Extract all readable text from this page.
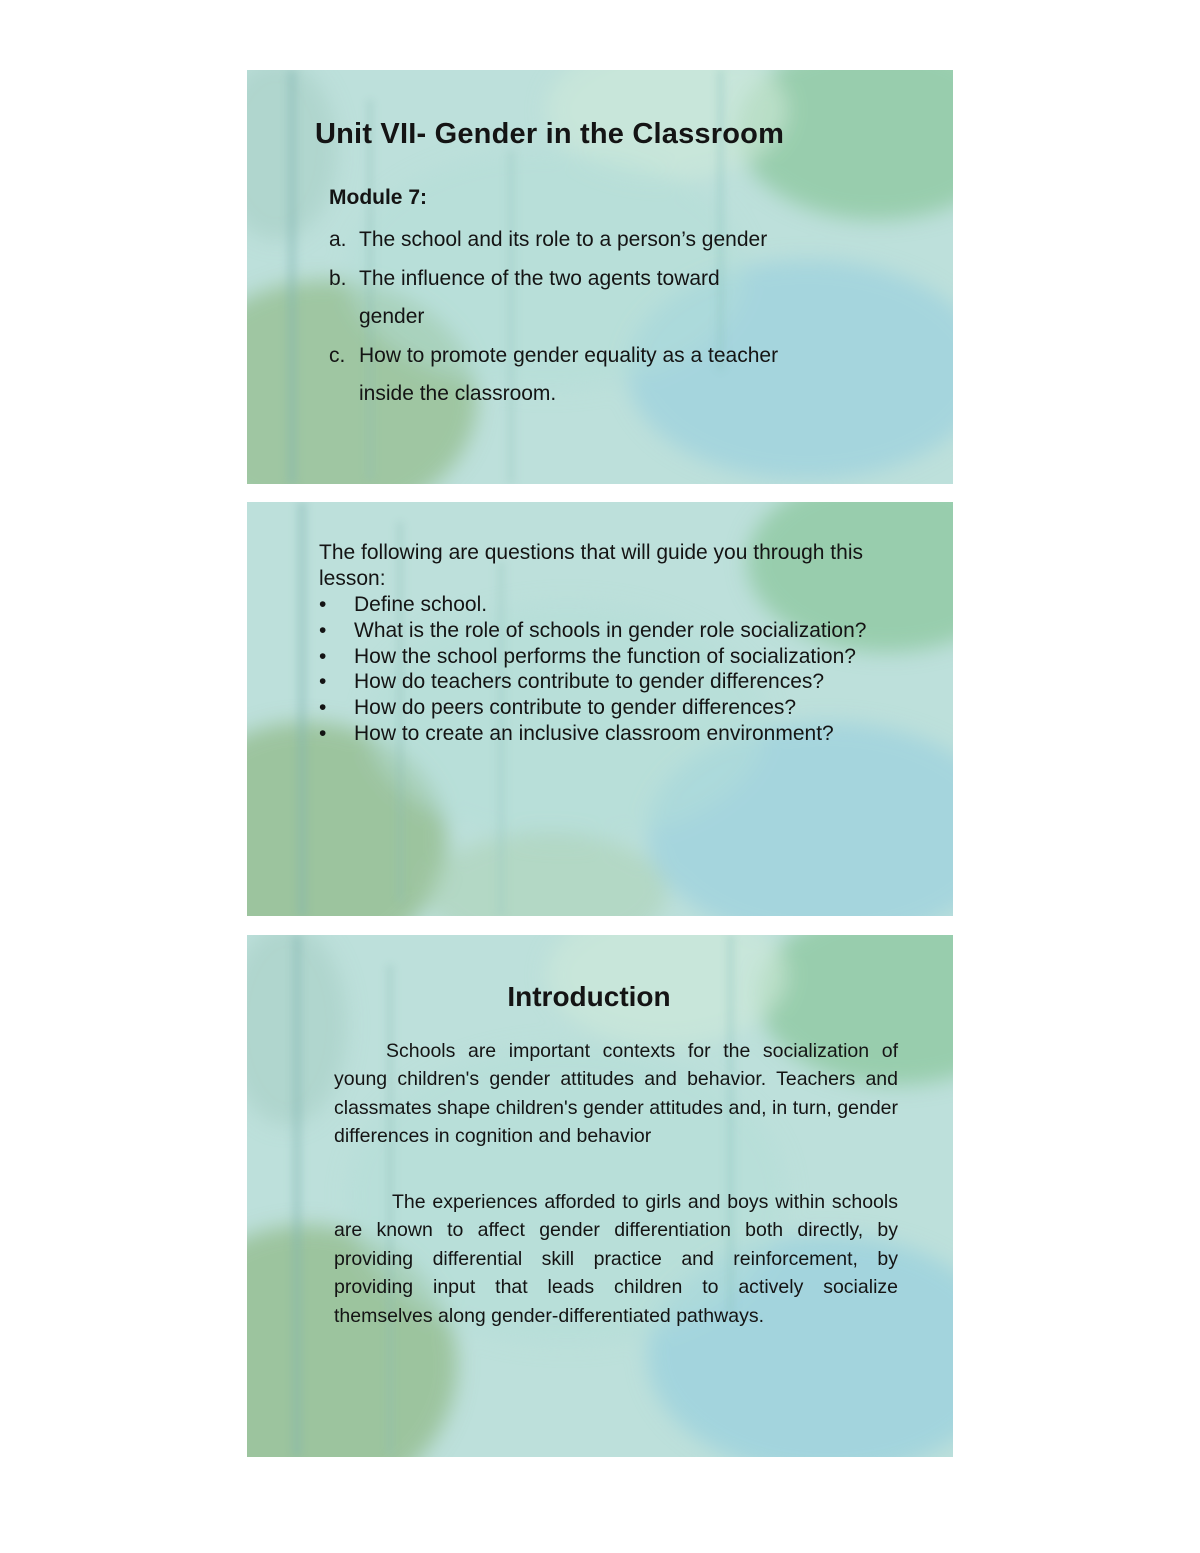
Unit VII- Gender in the Classroom
Module 7:
a. The school and its role to a person’s gender
b. The influence of the two agents toward
gender
c. How to promote gender equality as a teacher
inside the classroom.

The following are questions that will guide you through this lesson:

•	Define school.
•	What is the role of schools in gender role socialization?
•	How the school performs the function of socialization?
•	How do teachers contribute to gender differences?
•	How do peers contribute to gender differences?
•	How to create an inclusive classroom environment?
Introduction

Schools are important contexts for the socialization of young children's gender attitudes and behavior. Teachers and classmates shape children's gender attitudes and, in turn, gender differences in cognition and behavior

The experiences afforded to girls and boys within schools are known to affect gender differentiation both directly, by providing differential skill practice and reinforcement, by providing input that leads children to actively socialize themselves along gender-differentiated pathways.
